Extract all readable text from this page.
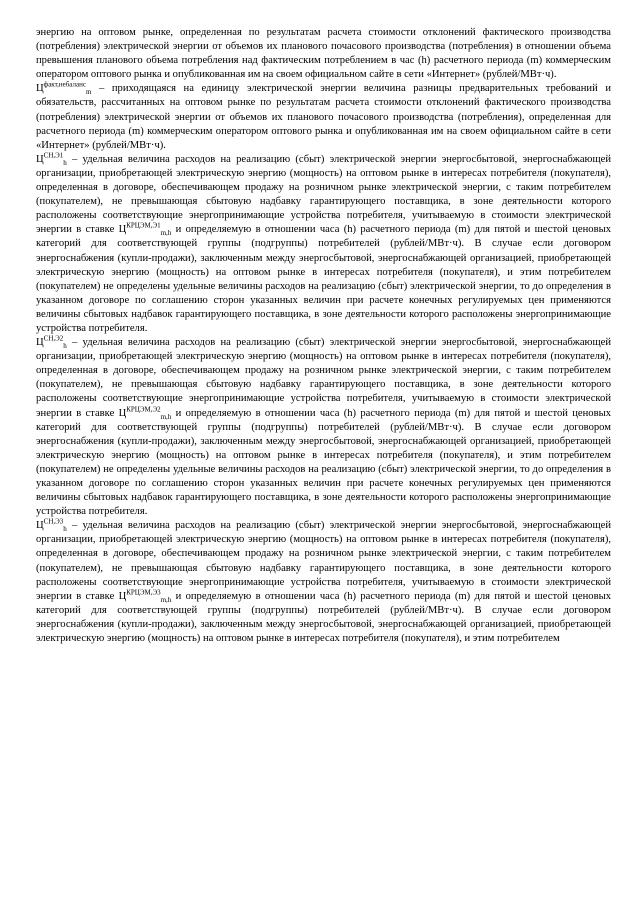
энергию на оптовом рынке, определенная по результатам расчета стоимости отклонений фактического производства (потребления) электрической энергии от объемов их планового почасового производства (потребления) в отношении объема превышения планового объема потребления над фактическим потреблением в час (h) расчетного периода (m) коммерческим оператором оптового рынка и опубликованная им на своем официальном сайте в сети «Интернет» (рублей/МВт·ч).

$Ц^{факт,небаланс}_m$ – приходящаяся на единицу электрической энергии величина разницы предварительных требований и обязательств, рассчитанных на оптовом рынке по результатам расчета стоимости отклонений фактического производства (потребления) электрической энергии от объемов их планового почасового производства (потребления), определенная для расчетного периода (m) коммерческим оператором оптового рынка и опубликованная им на своем официальном сайте в сети «Интернет» (рублей/МВт·ч).

$Ц^{СН,Э1}_h$ – удельная величина расходов на реализацию (сбыт) электрической энергии энергосбытовой, энергоснабжающей организации, приобретающей электрическую энергию (мощность) на оптовом рынке в интересах потребителя (покупателя), определенная в договоре, обеспечивающем продажу на розничном рынке электрической энергии, с таким потребителем (покупателем), не превышающая сбытовую надбавку гарантирующего поставщика, в зоне деятельности которого расположены соответствующие энергопринимающие устройства потребителя, учитываемую в стоимости электрической энергии в ставке $Ц^{КРЦЭМ,Э1}_{m,h}$ и определяемую в отношении часа (h) расчетного периода (m) для пятой и шестой ценовых категорий для соответствующей группы (подгруппы) потребителей (рублей/МВт·ч). В случае если договором энергоснабжения (купли-продажи), заключенным между энергосбытовой, энергоснабжающей организацией, приобретающей электрическую энергию (мощность) на оптовом рынке в интересах потребителя (покупателя), и этим потребителем (покупателем) не определены удельные величины расходов на реализацию (сбыт) электрической энергии, то до определения в указанном договоре по соглашению сторон указанных величин при расчете конечных регулируемых цен применяются величины сбытовых надбавок гарантирующего поставщика, в зоне деятельности которого расположены энергопринимающие устройства потребителя.

$Ц^{СН,Э2}_h$ – удельная величина расходов на реализацию (сбыт) электрической энергии энергосбытовой, энергоснабжающей организации, приобретающей электрическую энергию (мощность) на оптовом рынке в интересах потребителя (покупателя), определенная в договоре, обеспечивающем продажу на розничном рынке электрической энергии, с таким потребителем (покупателем), не превышающая сбытовую надбавку гарантирующего поставщика, в зоне деятельности которого расположены соответствующие энергопринимающие устройства потребителя, учитываемую в стоимости электрической энергии в ставке $Ц^{КРЦЭМ,Э2}_{m,h}$ и определяемую в отношении часа (h) расчетного периода (m) для пятой и шестой ценовых категорий для соответствующей группы (подгруппы) потребителей (рублей/МВт·ч). В случае если договором энергоснабжения (купли-продажи), заключенным между энергосбытовой, энергоснабжающей организацией, приобретающей электрическую энергию (мощность) на оптовом рынке в интересах потребителя (покупателя), и этим потребителем (покупателем) не определены удельные величины расходов на реализацию (сбыт) электрической энергии, то до определения в указанном договоре по соглашению сторон указанных величин при расчете конечных регулируемых цен применяются величины сбытовых надбавок гарантирующего поставщика, в зоне деятельности которого расположены энергопринимающие устройства потребителя.

$Ц^{СН,Э3}_h$ – удельная величина расходов на реализацию (сбыт) электрической энергии энергосбытовой, энергоснабжающей организации, приобретающей электрическую энергию (мощность) на оптовом рынке в интересах потребителя (покупателя), определенная в договоре, обеспечивающем продажу на розничном рынке электрической энергии, с таким потребителем (покупателем), не превышающая сбытовую надбавку гарантирующего поставщика, в зоне деятельности которого расположены соответствующие энергопринимающие устройства потребителя, учитываемую в стоимости электрической энергии в ставке $Ц^{КРЦЭМ,Э3}_{m,h}$ и определяемую в отношении часа (h) расчетного периода (m) для пятой и шестой ценовых категорий для соответствующей группы (подгруппы) потребителей (рублей/МВт·ч). В случае если договором энергоснабжения (купли-продажи), заключенным между энергосбытовой, энергоснабжающей организацией, приобретающей электрическую энергию (мощность) на оптовом рынке в интересах потребителя (покупателя), и этим потребителем
